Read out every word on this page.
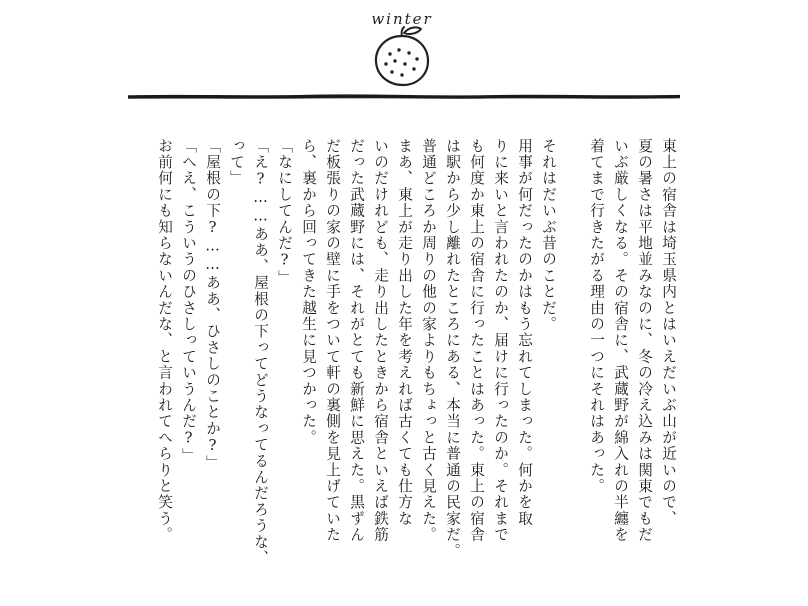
winter
東上の宿舎は埼玉県内とはいえだいぶ山が近いので、
夏の暑さは平地並みなのに、冬の冷え込みは関東でもだ
いぶ厳しくなる。その宿舎に、武蔵野が綿入れの半纏を
着てまで行きたがる理由の一つにそれはあった。
それはだいぶ昔のことだ。
用事が何だったのかはもう忘れてしまった。何かを取
りに来いと言われたのか、届けに行ったのか。それまで
も何度か東上の宿舎に行ったことはあった。東上の宿舎
は駅から少し離れたところにある、本当に普通の民家だ。
普通どころか周りの他の家よりもちょっと古く見えた。
まあ、東上が走り出した年を考えれば古くても仕方な
いのだけれども、走り出したときから宿舎といえば鉄筋
だった武蔵野には、それがとても新鮮に思えた。黒ずん
だ板張りの家の壁に手をついて軒の裏側を見上げていた
ら、裏から回ってきた越生に見つかった。
「なにしてんだ?」
「え?……ああ、屋根の下ってどうなってるんだろうな、
って」
「屋根の下?……ああ、ひさしのことか?」
「へえ、こういうのひさしっていうんだ?」
お前何にも知らないんだな、と言われてへらりと笑う。
